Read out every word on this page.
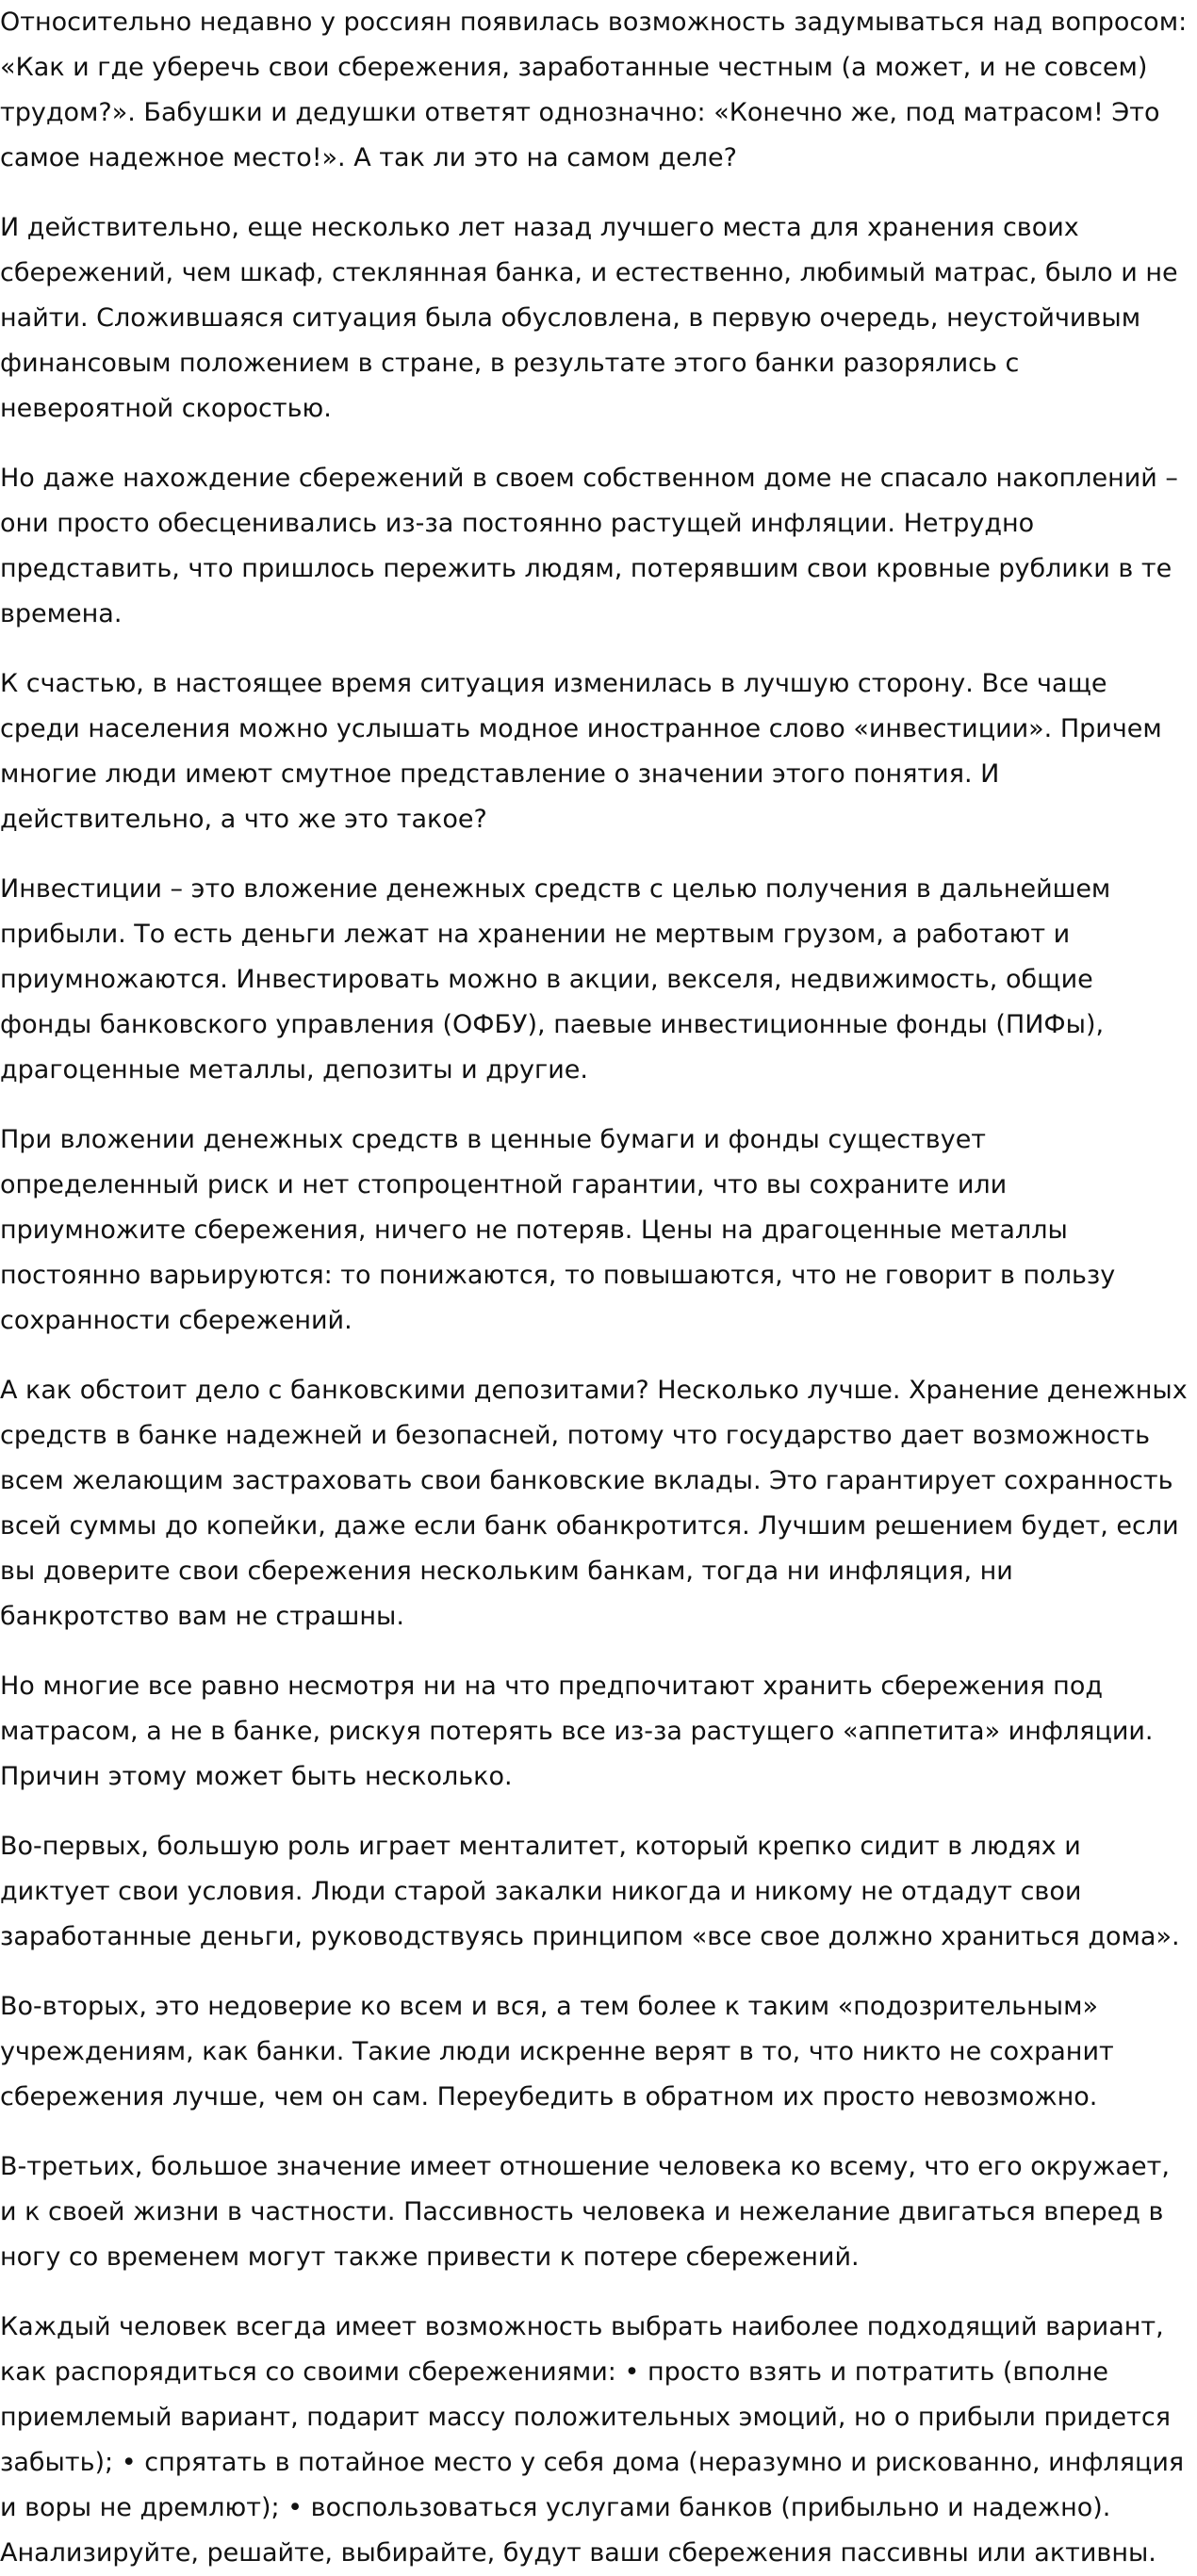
Относительно недавно у россиян появилась возможность задумываться над вопросом: «Как и где уберечь свои сбережения, заработанные честным (а может, и не совсем) трудом?». Бабушки и дедушки ответят однозначно: «Конечно же, под матрасом! Это самое надежное место!». А так ли это на самом деле?

И действительно, еще несколько лет назад лучшего места для хранения своих сбережений, чем шкаф, стеклянная банка, и естественно, любимый матрас, было и не найти. Сложившаяся ситуация была обусловлена, в первую очередь, неустойчивым финансовым положением в стране, в результате этого банки разорялись с невероятной скоростью.

Но даже нахождение сбережений в своем собственном доме не спасало накоплений – они просто обесценивались из-за постоянно растущей инфляции. Нетрудно представить, что пришлось пережить людям, потерявшим свои кровные рублики в те времена.

К счастью, в настоящее время ситуация изменилась в лучшую сторону. Все чаще среди населения можно услышать модное иностранное слово «инвестиции». Причем многие люди имеют смутное представление о значении этого понятия. И действительно, а что же это такое?

Инвестиции – это вложение денежных средств с целью получения в дальнейшем прибыли. То есть деньги лежат на хранении не мертвым грузом, а работают и приумножаются. Инвестировать можно в акции, векселя, недвижимость, общие фонды банковского управления (ОФБУ), паевые инвестиционные фонды (ПИФы), драгоценные металлы, депозиты и другие.

При вложении денежных средств в ценные бумаги и фонды существует определенный риск и нет стопроцентной гарантии, что вы сохраните или приумножите сбережения, ничего не потеряв. Цены на драгоценные металлы постоянно варьируются: то понижаются, то повышаются, что не говорит в пользу сохранности сбережений.

А как обстоит дело с банковскими депозитами? Несколько лучше. Хранение денежных средств в банке надежней и безопасней, потому что государство дает возможность всем желающим застраховать свои банковские вклады. Это гарантирует сохранность всей суммы до копейки, даже если банк обанкротится. Лучшим решением будет, если вы доверите свои сбережения нескольким банкам, тогда ни инфляция, ни банкротство вам не страшны.

Но многие все равно несмотря ни на что предпочитают хранить сбережения под матрасом, а не в банке, рискуя потерять все из-за растущего «аппетита» инфляции. Причин этому может быть несколько.

Во-первых, большую роль играет менталитет, который крепко сидит в людях и диктует свои условия. Люди старой закалки никогда и никому не отдадут свои заработанные деньги, руководствуясь принципом «все свое должно храниться дома».

Во-вторых, это недоверие ко всем и вся, а тем более к таким «подозрительным» учреждениям, как банки. Такие люди искренне верят в то, что никто не сохранит сбережения лучше, чем он сам. Переубедить в обратном их просто невозможно.

В-третьих, большое значение имеет отношение человека ко всему, что его окружает, и к своей жизни в частности. Пассивность человека и нежелание двигаться вперед в ногу со временем могут также привести к потере сбережений.

Каждый человек всегда имеет возможность выбрать наиболее подходящий вариант, как распорядиться со своими сбережениями: • просто взять и потратить (вполне приемлемый вариант, подарит массу положительных эмоций, но о прибыли придется забыть); • спрятать в потайное место у себя дома (неразумно и рискованно, инфляция и воры не дремлют); • воспользоваться услугами банков (прибыльно и надежно). Анализируйте, решайте, выбирайте, будут ваши сбережения пассивны или активны.
